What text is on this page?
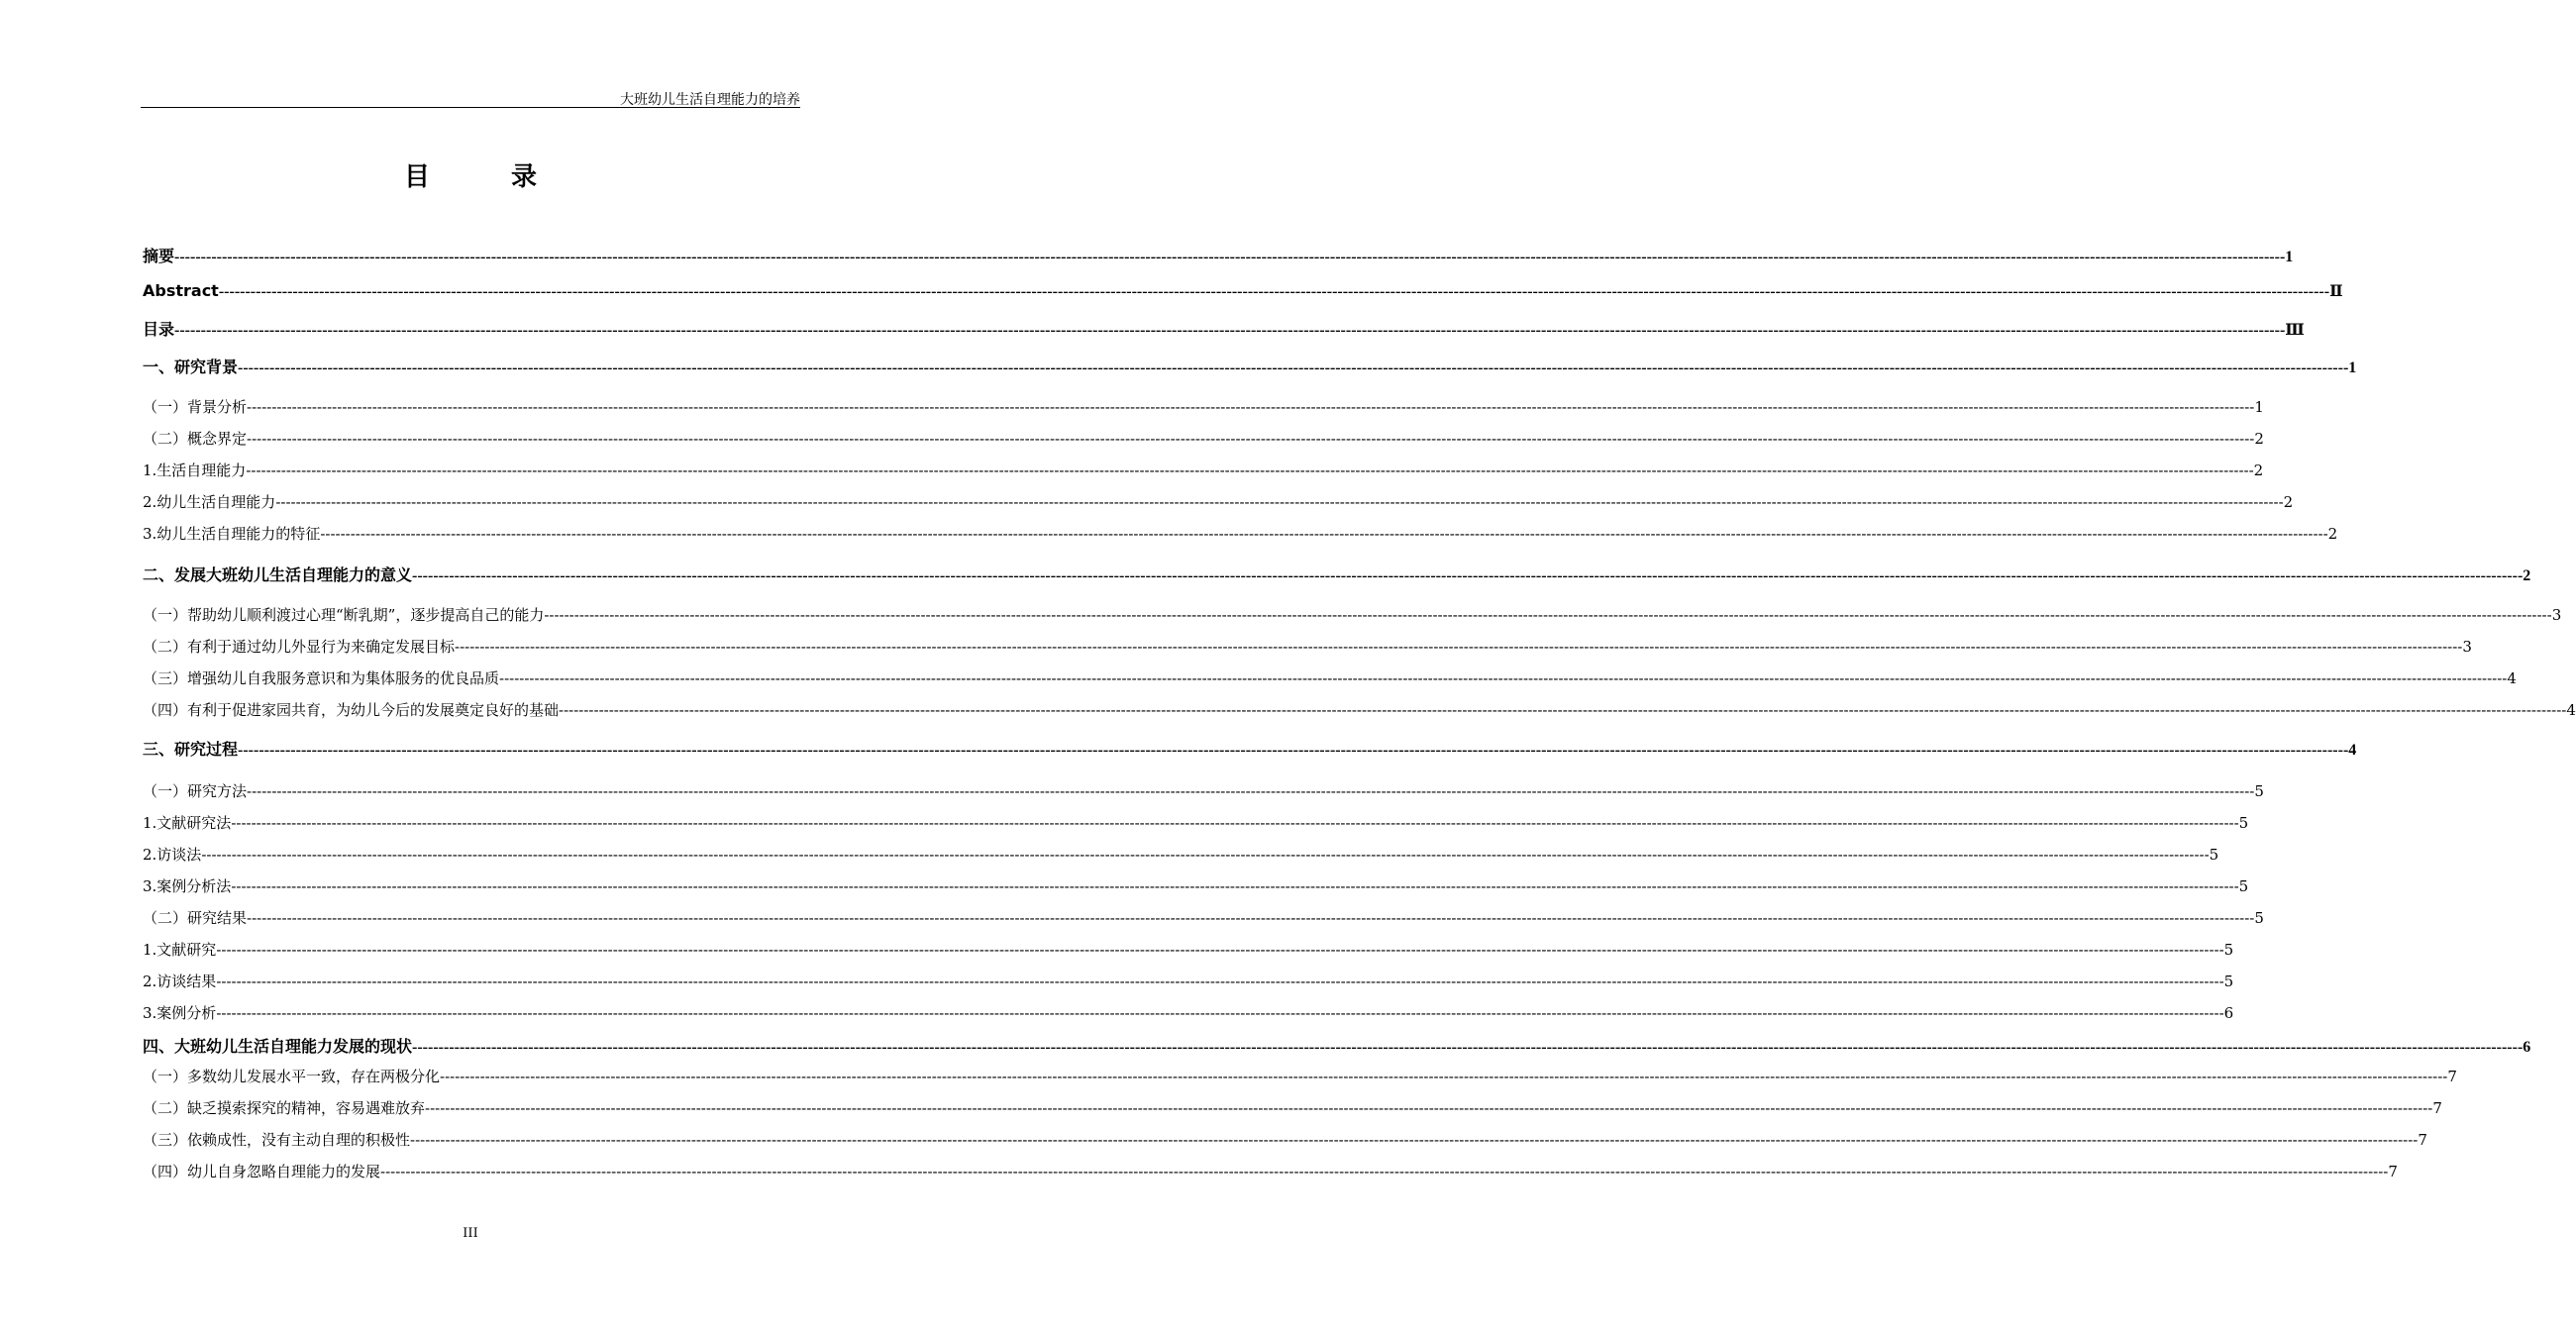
大班幼儿生活自理能力的培养
目　录
摘要 ---------------------------------------------------------------------------------------------------------------------------------------------------------------------------------------------------------------------------------------------------------------------------------------------------------------------------------------------------------------------------------------------------------------- 1
Abstract ---------------------------------------------------------------------------------------------------------------------------------------------------------------------------------------------------------------------------------------------------------------------------------------------------------------------------------------------------------------------------------------------------------------- Ⅱ
目录 ---------------------------------------------------------------------------------------------------------------------------------------------------------------------------------------------------------------------------------------------------------------------------------------------------------------------------------------------------------------------------------------------------------------- Ⅲ
一、研究背景 ---------------------------------------------------------------------------------------------------------------------------------------------------------------------------------------------------------------------------------------------------------------------------------------------------------------------------------------------------------------------------------------------------------------- 1
（一）背景分析 ---------------------------------------------------------------------------------------------------------------------------------------------------------------------------------------------------------------------------------------------------------------------------------------------------------------------------------------------------------------------------------------------------------------- 1
（二）概念界定 ---------------------------------------------------------------------------------------------------------------------------------------------------------------------------------------------------------------------------------------------------------------------------------------------------------------------------------------------------------------------------------------------------------------- 2
1.生活自理能力 ---------------------------------------------------------------------------------------------------------------------------------------------------------------------------------------------------------------------------------------------------------------------------------------------------------------------------------------------------------------------------------------------------------------- 2
2.幼儿生活自理能力 ---------------------------------------------------------------------------------------------------------------------------------------------------------------------------------------------------------------------------------------------------------------------------------------------------------------------------------------------------------------------------------------------------------------- 2
3.幼儿生活自理能力的特征 ---------------------------------------------------------------------------------------------------------------------------------------------------------------------------------------------------------------------------------------------------------------------------------------------------------------------------------------------------------------------------------------------------------------- 2
二、发展大班幼儿生活自理能力的意义 ---------------------------------------------------------------------------------------------------------------------------------------------------------------------------------------------------------------------------------------------------------------------------------------------------------------------------------------------------------------------------------------------------------------- 2
（一）帮助幼儿顺利渡过心理“断乳期”，逐步提高自己的能力 ---------------------------------------------------------------------------------------------------------------------------------------------------------------------------------------------------------------------------------------------------------------------------------------------------------------------------------------------------------------------------------------------------------------- 3
（二）有利于通过幼儿外显行为来确定发展目标 ---------------------------------------------------------------------------------------------------------------------------------------------------------------------------------------------------------------------------------------------------------------------------------------------------------------------------------------------------------------------------------------------------------------- 3
（三）增强幼儿自我服务意识和为集体服务的优良品质 ---------------------------------------------------------------------------------------------------------------------------------------------------------------------------------------------------------------------------------------------------------------------------------------------------------------------------------------------------------------------------------------------------------------- 4
（四）有利于促进家园共育，为幼儿今后的发展奠定良好的基础 ---------------------------------------------------------------------------------------------------------------------------------------------------------------------------------------------------------------------------------------------------------------------------------------------------------------------------------------------------------------------------------------------------------------- 4
三、研究过程 ---------------------------------------------------------------------------------------------------------------------------------------------------------------------------------------------------------------------------------------------------------------------------------------------------------------------------------------------------------------------------------------------------------------- 4
（一）研究方法 ---------------------------------------------------------------------------------------------------------------------------------------------------------------------------------------------------------------------------------------------------------------------------------------------------------------------------------------------------------------------------------------------------------------- 5
1.文献研究法 ---------------------------------------------------------------------------------------------------------------------------------------------------------------------------------------------------------------------------------------------------------------------------------------------------------------------------------------------------------------------------------------------------------------- 5
2.访谈法 ---------------------------------------------------------------------------------------------------------------------------------------------------------------------------------------------------------------------------------------------------------------------------------------------------------------------------------------------------------------------------------------------------------------- 5
3.案例分析法 ---------------------------------------------------------------------------------------------------------------------------------------------------------------------------------------------------------------------------------------------------------------------------------------------------------------------------------------------------------------------------------------------------------------- 5
（二）研究结果 ---------------------------------------------------------------------------------------------------------------------------------------------------------------------------------------------------------------------------------------------------------------------------------------------------------------------------------------------------------------------------------------------------------------- 5
1.文献研究 ---------------------------------------------------------------------------------------------------------------------------------------------------------------------------------------------------------------------------------------------------------------------------------------------------------------------------------------------------------------------------------------------------------------- 5
2.访谈结果 ---------------------------------------------------------------------------------------------------------------------------------------------------------------------------------------------------------------------------------------------------------------------------------------------------------------------------------------------------------------------------------------------------------------- 5
3.案例分析 ---------------------------------------------------------------------------------------------------------------------------------------------------------------------------------------------------------------------------------------------------------------------------------------------------------------------------------------------------------------------------------------------------------------- 6
四、大班幼儿生活自理能力发展的现状 ---------------------------------------------------------------------------------------------------------------------------------------------------------------------------------------------------------------------------------------------------------------------------------------------------------------------------------------------------------------------------------------------------------------- 6
（一）多数幼儿发展水平一致，存在两极分化 ---------------------------------------------------------------------------------------------------------------------------------------------------------------------------------------------------------------------------------------------------------------------------------------------------------------------------------------------------------------------------------------------------------------- 7
（二）缺乏摸索探究的精神，容易遇难放弃 ---------------------------------------------------------------------------------------------------------------------------------------------------------------------------------------------------------------------------------------------------------------------------------------------------------------------------------------------------------------------------------------------------------------- 7
（三）依赖成性，没有主动自理的积极性 ---------------------------------------------------------------------------------------------------------------------------------------------------------------------------------------------------------------------------------------------------------------------------------------------------------------------------------------------------------------------------------------------------------------- 7
（四）幼儿自身忽略自理能力的发展 ---------------------------------------------------------------------------------------------------------------------------------------------------------------------------------------------------------------------------------------------------------------------------------------------------------------------------------------------------------------------------------------------------------------- 7
III
